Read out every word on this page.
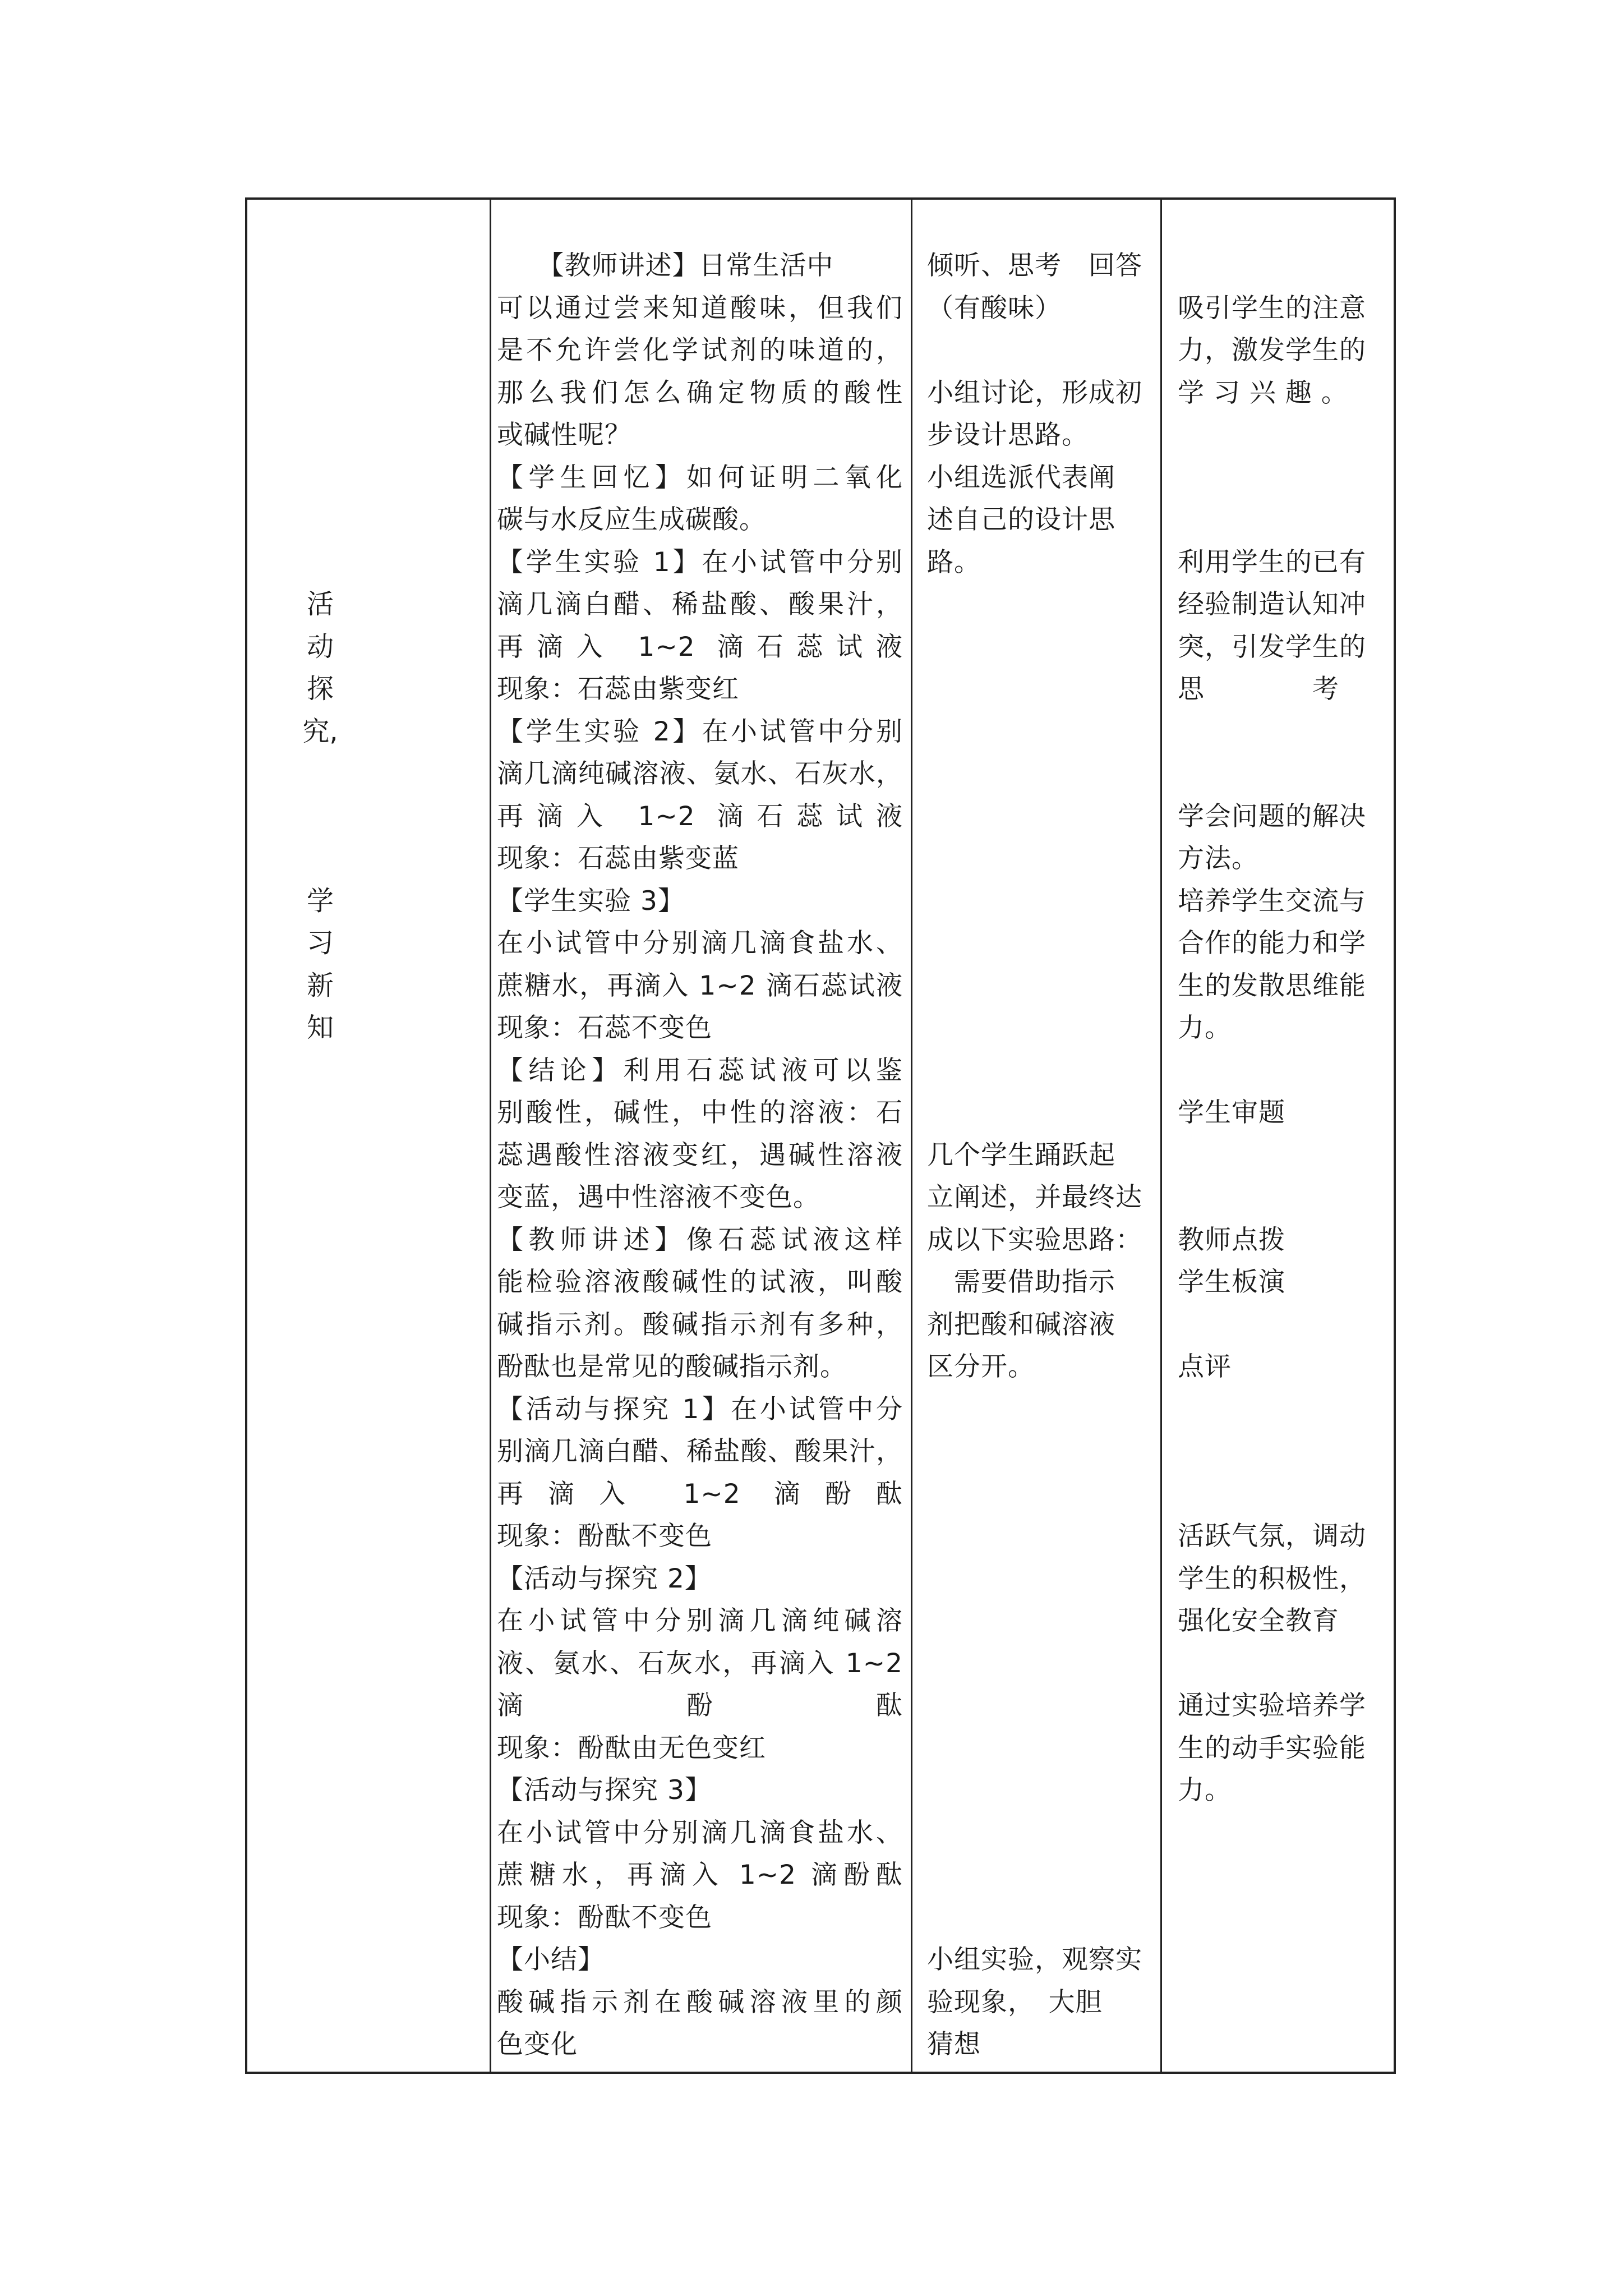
活
动
探
究,
学
习
新
知
　　【教师讲述】日常生活中
可以通过尝来知道酸味，但我们
是不允许尝化学试剂的味道的，
那么我们怎么确定物质的酸性
或碱性呢？
【学生回忆】如何证明二氧化
碳与水反应生成碳酸。
【学生实验 1】在小试管中分别
滴几滴白醋、稀盐酸、酸果汁，
再滴入 1~2 滴石蕊试液
现象：石蕊由紫变红
【学生实验 2】在小试管中分别
滴几滴纯碱溶液、氨水、石灰水，
再滴入 1~2 滴石蕊试液
现象：石蕊由紫变蓝
【学生实验 3】
在小试管中分别滴几滴食盐水、
蔗糖水，再滴入 1~2 滴石蕊试液
现象：石蕊不变色
【结论】利用石蕊试液可以鉴
别酸性，碱性，中性的溶液：石
蕊遇酸性溶液变红，遇碱性溶液
变蓝，遇中性溶液不变色。
【教师讲述】像石蕊试液这样
能检验溶液酸碱性的试液，叫酸
碱指示剂。酸碱指示剂有多种，
酚酞也是常见的酸碱指示剂。
【活动与探究 1】在小试管中分
别滴几滴白醋、稀盐酸、酸果汁，
再滴入 1~2 滴酚酞
现象：酚酞不变色
【活动与探究 2】
在小试管中分别滴几滴纯碱溶
液、氨水、石灰水，再滴入 1~2
滴酚酞
现象：酚酞由无色变红
【活动与探究 3】
在小试管中分别滴几滴食盐水、
蔗糖水，再滴入 1~2 滴酚酞
现象：酚酞不变色
【小结】
酸碱指示剂在酸碱溶液里的颜
色变化
倾听、思考　回答
（有酸味）
小组讨论，形成初
步设计思路。
小组选派代表阐
述自己的设计思
路。
几个学生踊跃起
立阐述，并最终达
成以下实验思路：
　需要借助指示
剂把酸和碱溶液
区分开。
小组实验，观察实
验现象，　大胆
猜想
吸引学生的注意
力，激发学生的
学 习 兴 趣 。
利用学生的已有
经验制造认知冲
突，引发学生的
思　　　　考
学会问题的解决
方法。
培养学生交流与
合作的能力和学
生的发散思维能
力。
学生审题
教师点拨
学生板演
点评
活跃气氛，调动
学生的积极性，
强化安全教育
通过实验培养学
生的动手实验能
力。
